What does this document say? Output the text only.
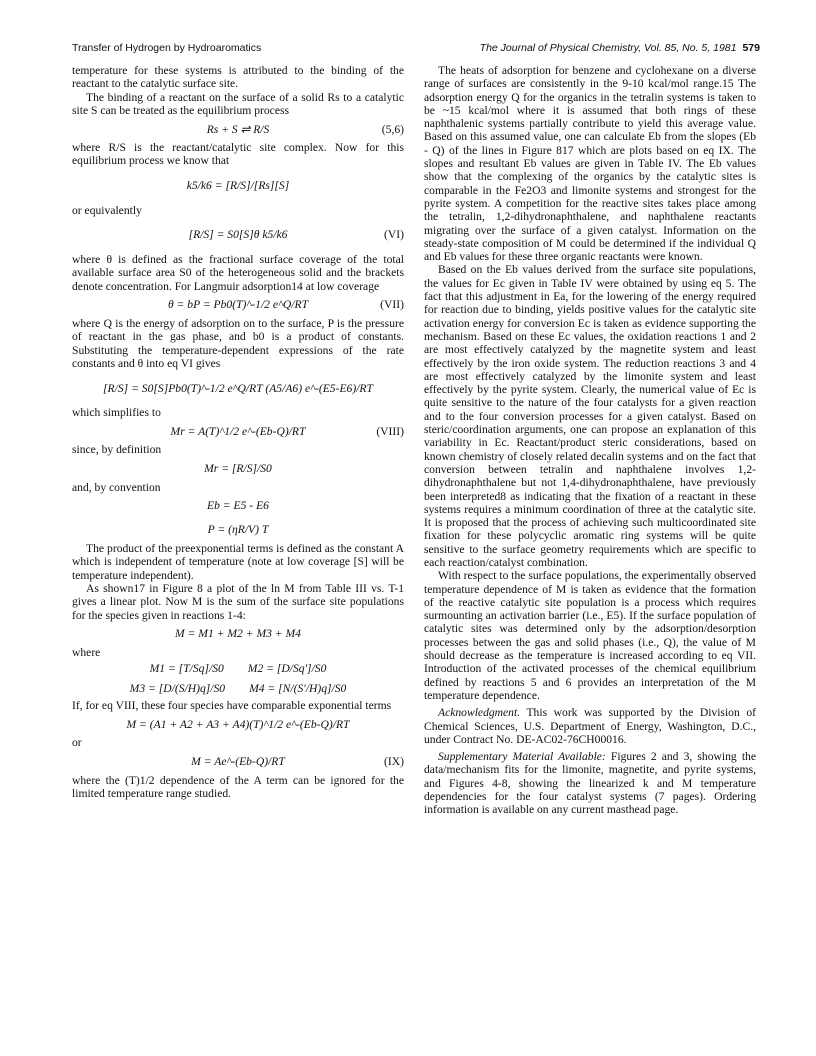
Transfer of Hydrogen by Hydroaromatics	The Journal of Physical Chemistry, Vol. 85, No. 5, 1981 579

temperature for these systems is attributed to the binding of the reactant to the catalytic surface site.

The binding of a reactant on the surface of a solid Rs to a catalytic site S can be treated as the equilibrium process

Rs + S ⇌ R/S	(5,6)

where R/S is the reactant/catalytic site complex. Now for this equilibrium process we know that

k5/k6 = [R/S]/[Rs][S]

or equivalently

[R/S] = S0[S]θ k5/k6	(VI)

where θ is defined as the fractional surface coverage of the total available surface area S0 of the heterogeneous solid and the brackets denote concentration. For Langmuir adsorption14 at low coverage

θ = bP = Pb0(T)^-1/2 e^Q/RT	(VII)

where Q is the energy of adsorption on to the surface, P is the pressure of reactant in the gas phase, and b0 is a product of constants. Substituting the temperature-dependent expressions of the rate constants and θ into eq VI gives

[R/S] = S0[S]Pb0(T)^-1/2 e^Q/RT (A5/A6) e^-(E5-E6)/RT

which simplifies to

Mr = A(T)^1/2 e^-(Eb-Q)/RT	(VIII)

since, by definition

Mr = [R/S]/S0

and, by convention

Eb = E5 - E6
P = (ηR/V) T

The product of the preexponential terms is defined as the constant A which is independent of temperature (note at low coverage [S] will be temperature independent).

As shown17 in Figure 8 a plot of the ln M from Table III vs. T-1 gives a linear plot. Now M is the sum of the surface site populations for the species given in reactions 1-4:

M = M1 + M2 + M3 + M4

where

M1 = [T/Sq]/S0 M2 = [D/Sq']/S0
M3 = [D/(S/H)q]/S0 M4 = [N/(S'/H)q]/S0

If, for eq VIII, these four species have comparable exponential terms

M = (A1 + A2 + A3 + A4)(T)^1/2 e^-(Eb-Q)/RT

or

M = Ae^-(Eb-Q)/RT	(IX)

where the (T)1/2 dependence of the A term can be ignored for the limited temperature range studied.

The heats of adsorption for benzene and cyclohexane on a diverse range of surfaces are consistently in the 9-10 kcal/mol range.15 The adsorption energy Q for the organics in the tetralin systems is taken to be ~15 kcal/mol where it is assumed that both rings of these naphthalenic systems partially contribute to yield this average value. Based on this assumed value, one can calculate Eb from the slopes (Eb - Q) of the lines in Figure 817 which are plots based on eq IX. The slopes and resultant Eb values are given in Table IV. The Eb values show that the complexing of the organics by the catalytic sites is comparable in the Fe2O3 and limonite systems and strongest for the pyrite system. A competition for the reactive sites takes place among the tetralin, 1,2-dihydronaphthalene, and naphthalene reactants migrating over the surface of a given catalyst. Information on the steady-state composition of M could be determined if the individual Q and Eb values for these three organic reactants were known.

Based on the Eb values derived from the surface site populations, the values for Ec given in Table IV were obtained by using eq 5. The fact that this adjustment in Ea, for the lowering of the energy required for reaction due to binding, yields positive values for the catalytic site activation energy for conversion Ec is taken as evidence supporting the mechanism. Based on these Ec values, the oxidation reactions 1 and 2 are most effectively catalyzed by the magnetite system and least effectively by the iron oxide system. The reduction reactions 3 and 4 are most effectively catalyzed by the limonite system and least effectively by the pyrite system. Clearly, the numerical value of Ec is quite sensitive to the nature of the four catalysts for a given reaction and to the four conversion processes for a given catalyst. Based on steric/coordination arguments, one can propose an explanation of this variability in Ec. Reactant/product steric considerations, based on known chemistry of closely related decalin systems and on the fact that conversion between tetralin and naphthalene involves 1,2-dihydronaphthalene but not 1,4-dihydronaphthalene, have previously been interpreted8 as indicating that the fixation of a reactant in these systems requires a minimum coordination of three at the catalytic site. It is proposed that the process of achieving such multicoordinated site fixation for these polycyclic aromatic ring systems will be quite sensitive to the surface geometry requirements which are specific to each reaction/catalyst combination.

With respect to the surface populations, the experimentally observed temperature dependence of M is taken as evidence that the formation of the reactive catalytic site population is a process which requires surmounting an activation barrier (i.e., E5). If the surface population of catalytic sites was determined only by the adsorption/desorption processes between the gas and solid phases (i.e., Q), the value of M should decrease as the temperature is increased according to eq VII. Introduction of the activated processes of the chemical equilibrium defined by reactions 5 and 6 provides an interpretation of the M temperature dependence.

Acknowledgment. This work was supported by the Division of Chemical Sciences, U.S. Department of Energy, Washington, D.C., under Contract No. DE-AC02-76CH00016.

Supplementary Material Available: Figures 2 and 3, showing the data/mechanism fits for the limonite, magnetite, and pyrite systems, and Figures 4-8, showing the linearized k and M temperature dependencies for the four catalyst systems (7 pages). Ordering information is available on any current masthead page.
